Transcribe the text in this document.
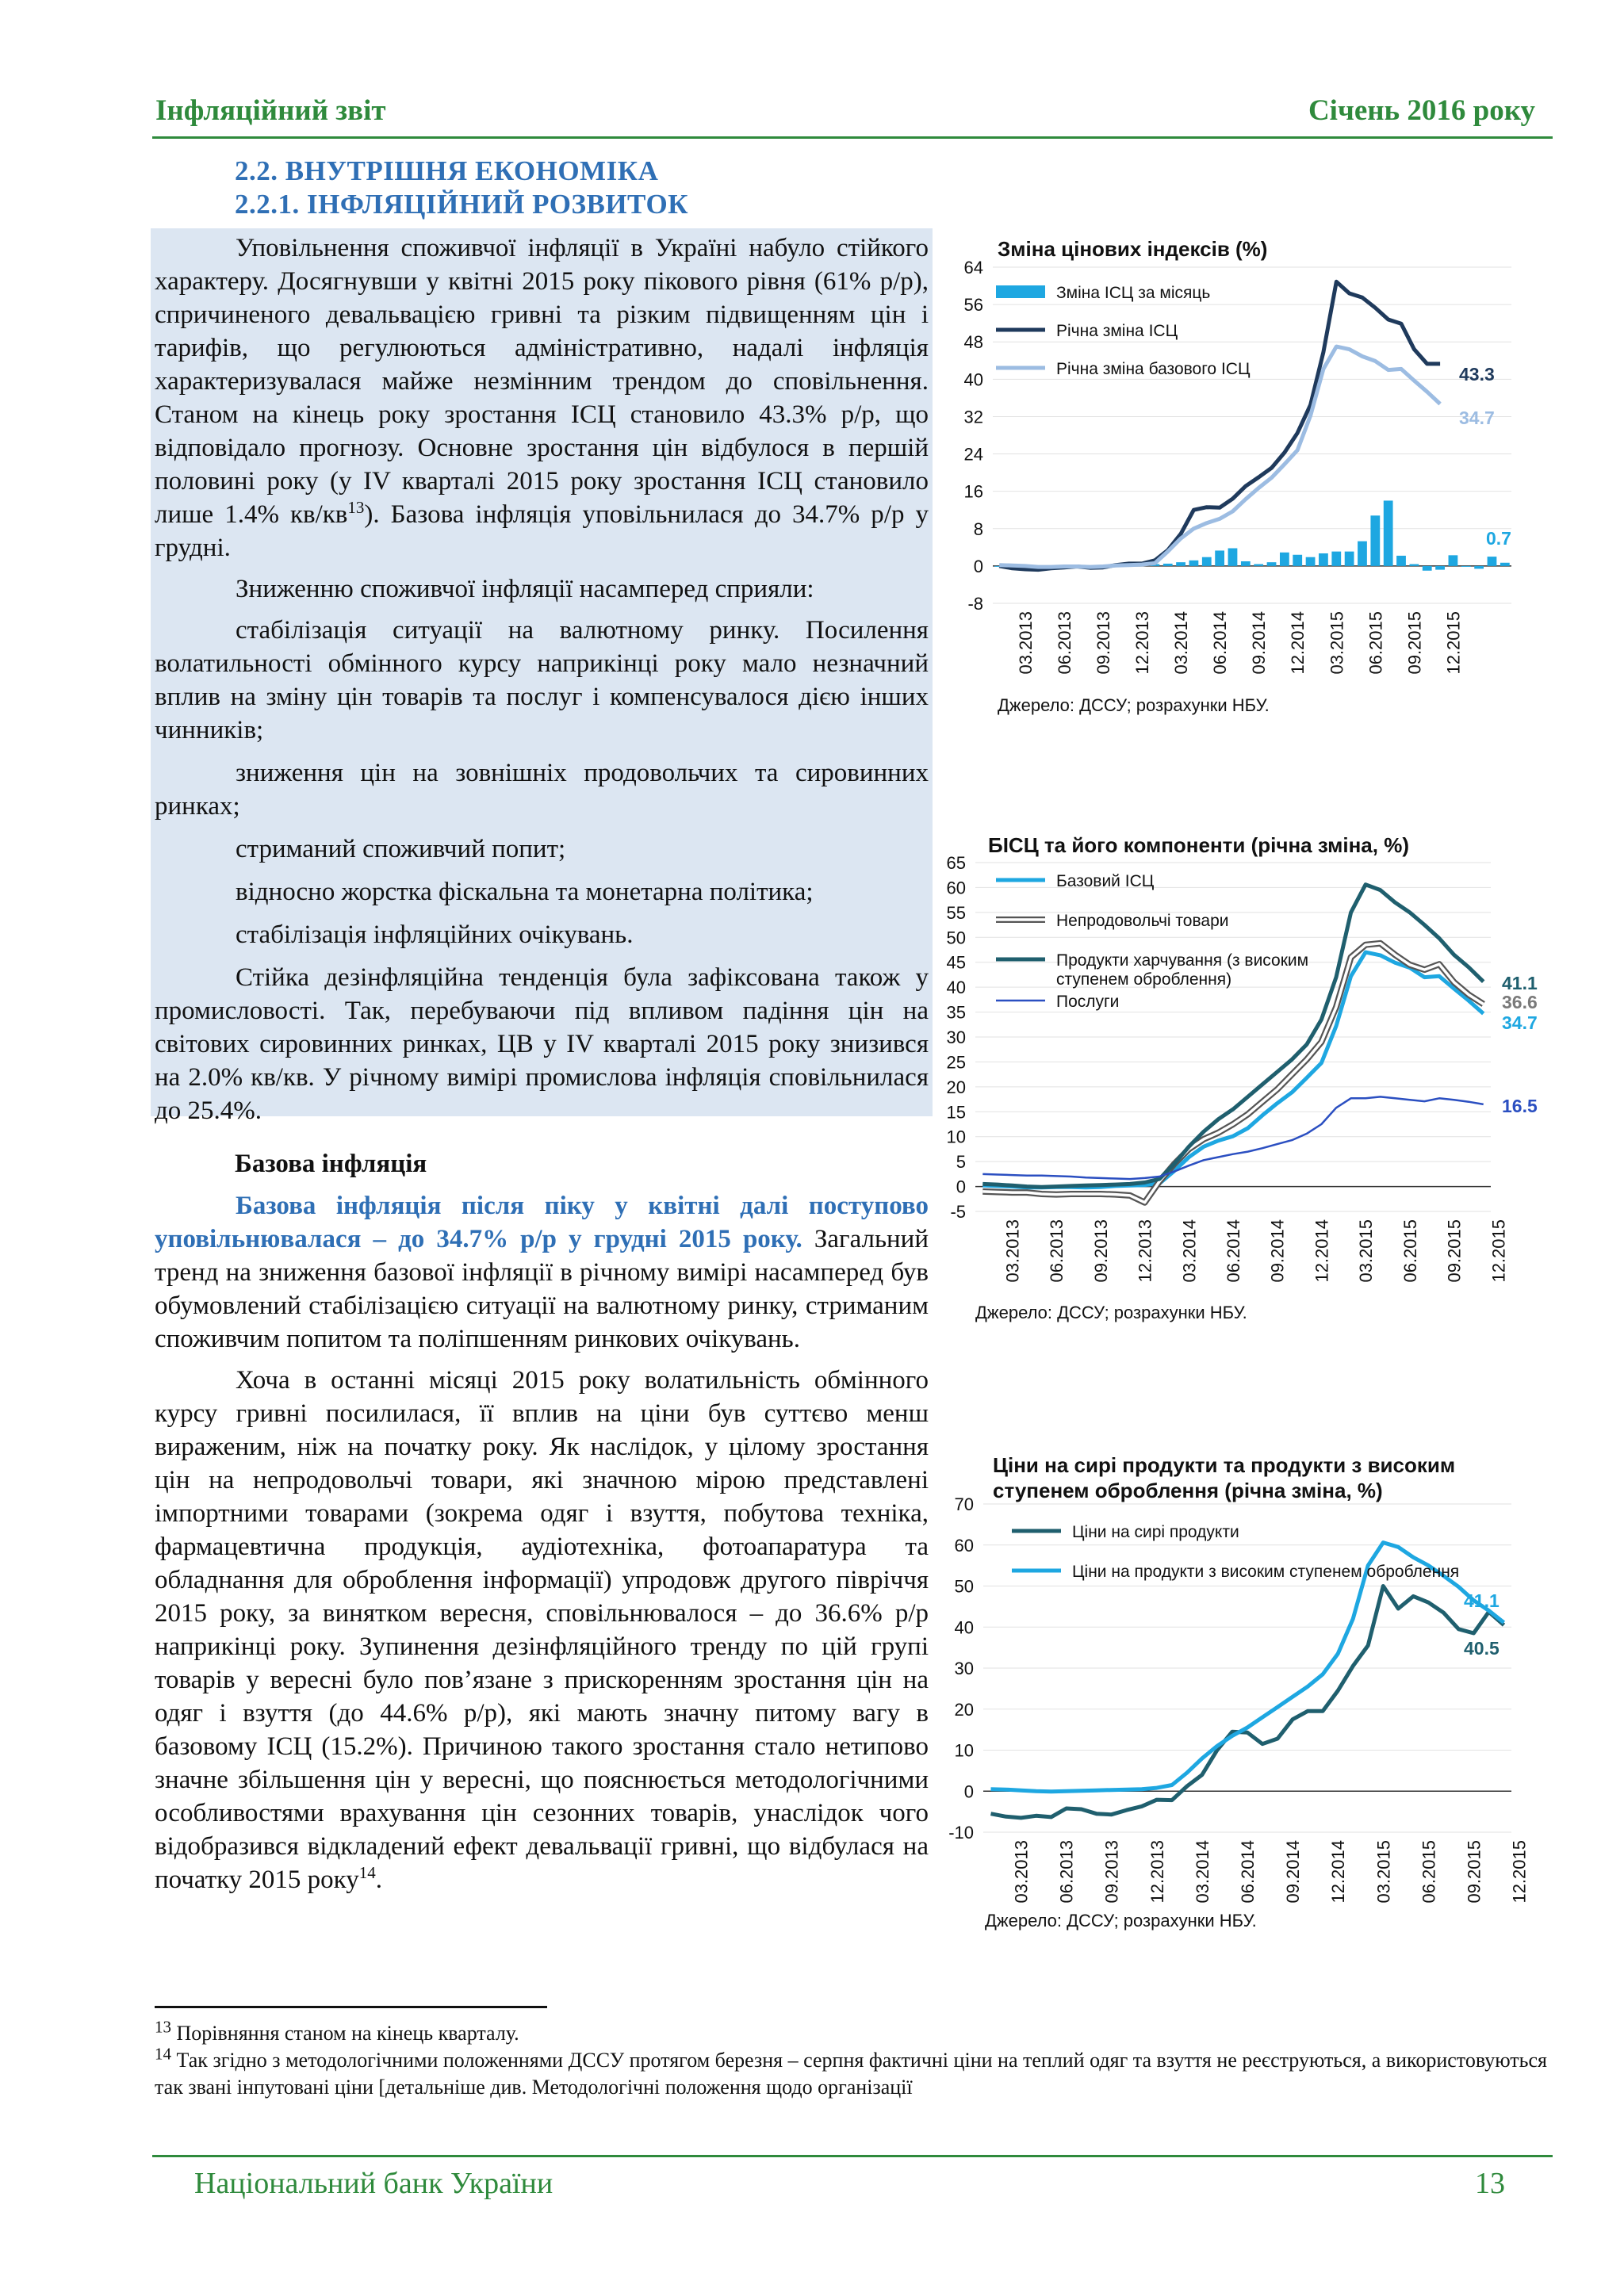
Інфляційний звіт	Січень 2016 року
2.2. ВНУТРІШНЯ ЕКОНОМІКА
2.2.1. ІНФЛЯЦІЙНИЙ РОЗВИТОК

Уповільнення споживчої інфляції в Україні набуло стійкого характеру. Досягнувши у квітні 2015 року пікового рівня (61% р/р), спричиненого девальвацією гривні та різким підвищенням цін і тарифів, що регулюються адміністративно, надалі інфляція характеризувалася майже незмінним трендом до сповільнення. Станом на кінець року зростання ІСЦ становило 43.3% р/р, що відповідало прогнозу. Основне зростання цін відбулося в першій половині року (у IV кварталі 2015 року зростання ІСЦ становило лише 1.4% $кв/кв^{13}$). Базова інфляція уповільнилася до 34.7% р/р у грудні.

Зниженню споживчої інфляції насамперед сприяли:

стабілізація ситуації на валютному ринку. Посилення волатильності обмінного курсу наприкінці року мало незначний вплив на зміну цін товарів та послуг і компенсувалося дією інших чинників;

зниження цін на зовнішніх продовольчих та сировинних ринках;

стриманий споживчий попит;

відносно жорстка фіскальна та монетарна політика;

стабілізація інфляційних очікувань.

Стійка дезінфляційна тенденція була зафіксована також у промисловості. Так, перебуваючи під впливом падіння цін на світових сировинних ринках, ЦВ у IV кварталі 2015 року знизився на 2.0% кв/кв. У річному вимірі промислова інфляція сповільнилася до 25.4%.

Базова інфляція

Базова інфляція після піку у квітні далі поступово уповільнювалася – до 34.7% р/р у грудні 2015 року. Загальний тренд на зниження базової інфляції в річному вимірі насамперед був обумовлений стабілізацією ситуації на валютному ринку, стриманим споживчим попитом та поліпшенням ринкових очікувань.

Хоча в останні місяці 2015 року волатильність обмінного курсу гривні посилилася, її вплив на ціни був суттєво менш вираженим, ніж на початку року. Як наслідок, у цілому зростання цін на непродовольчі товари, які значною мірою представлені імпортними товарами (зокрема одяг і взуття, побутова техніка, фармацевтична продукція, аудіотехніка, фотоапаратура та обладнання для оброблення інформації) упродовж другого півріччя 2015 року, за винятком вересня, сповільнювалося – до 36.6% р/р наприкінці року. Зупинення дезінфляційного тренду по цій групі товарів у вересні було пов’язане з прискоренням зростання цін на одяг і взуття (до 44.6% р/р), які мають значну питому вагу в базовому ІСЦ (15.2%). Причиною такого зростання стало нетипово значне збільшення цін у вересні, що пояснюється методологічними особливостями врахування цін сезонних товарів, унаслідок чого відобразився відкладений ефект девальвації гривні, що відбулася на початку 2015 року$^{14}$.

Зміна цінових індексів (%)
-8
0
8
16
24
32
40
48
56
64
03.2013 06.2013 09.2013 12.2013 03.2014 06.2014 09.2014 12.2014 03.2015 06.2015 09.2015 12.2015
Зміна ІСЦ за місяць
Річна зміна ІСЦ
Річна зміна базового ІСЦ	43.3
34.7
0.7
Джерело: ДССУ; розрахунки НБУ.
БІСЦ та його компоненти (річна зміна, %)
-5
0
5
10
15
20
25
30
35
40
45
50
55
60
65
03.2013 06.2013 09.2013 12.2013 03.2014 06.2014 09.2014 12.2014 03.2015 06.2015 09.2015 12.2015
Базовий ІСЦ
Непродовольчі товари
Продукти харчування (з високим
ступенем оброблення)
Послуги
34.7
36.6
41.1
16.5
Джерело: ДССУ; розрахунки НБУ.
Ціни на сирі продукти та продукти з високим ступенем оброблення (річна зміна, %)
-10
0
10
20
30
40
50
60
70
03.2013 06.2013 09.2013 12.2013 03.2014 06.2014 09.2014 12.2014 03.2015 06.2015 09.2015 12.2015
Ціни на сирі продукти
Ціни на продукти з високим ступенем оброблення
40.5
41.1
Джерело: ДССУ; розрахунки НБУ.
$^{13}$ Порівняння станом на кінець кварталу.
$^{14}$ Так згідно з методологічними положеннями ДССУ протягом березня – серпня фактичні ціни на теплий одяг та взуття не реєструються, а використовуються так звані інпутовані ціни [детальніше див. Методологічні положення щодо організації
Національний банк України	13
